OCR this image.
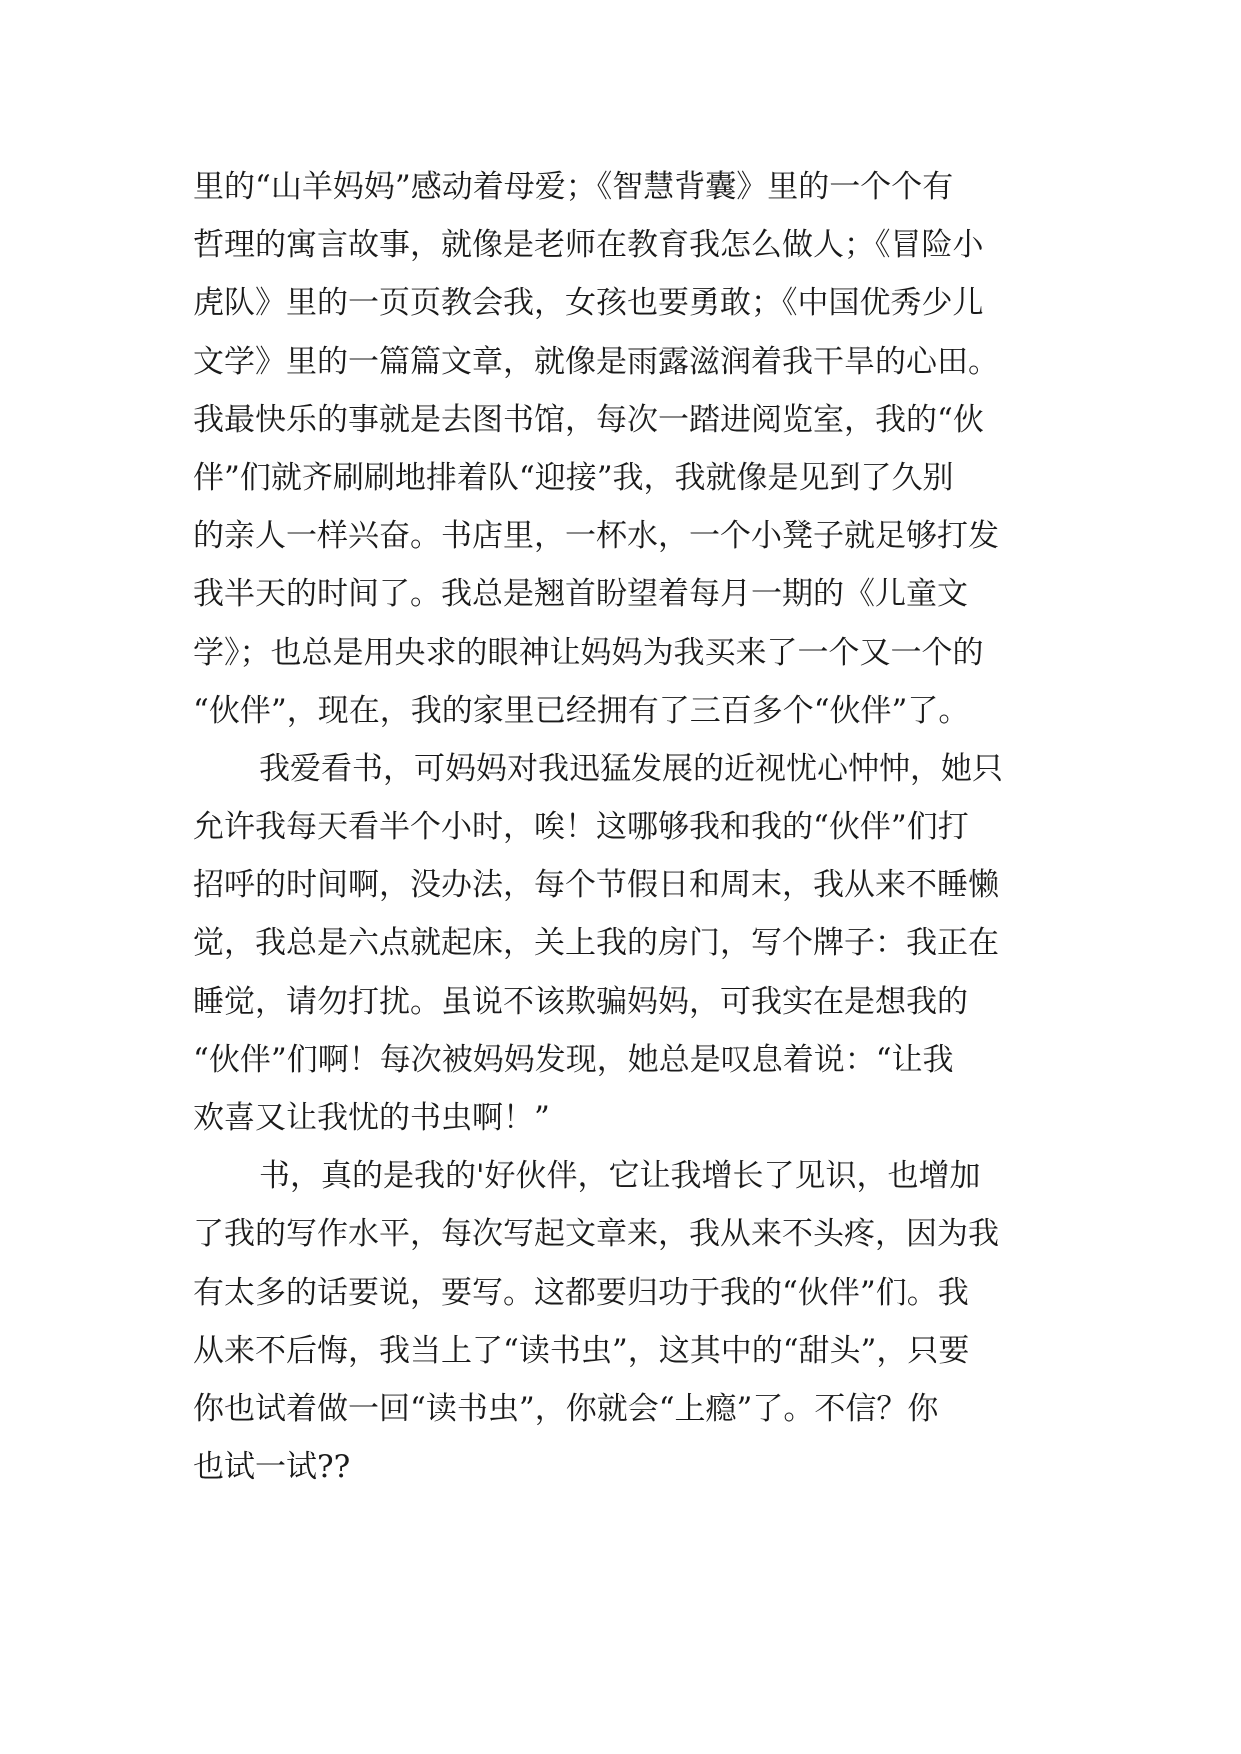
里的“山羊妈妈”感动着母爱；《智慧背囊》里的一个个有
哲理的寓言故事，就像是老师在教育我怎么做人；《冒险小
虎队》里的一页页教会我，女孩也要勇敢；《中国优秀少儿
文学》里的一篇篇文章，就像是雨露滋润着我干旱的心田。
我最快乐的事就是去图书馆，每次一踏进阅览室，我的“伙
伴”们就齐刷刷地排着队“迎接”我，我就像是见到了久别
的亲人一样兴奋。书店里，一杯水，一个小凳子就足够打发
我半天的时间了。我总是翘首盼望着每月一期的《儿童文
学》；也总是用央求的眼神让妈妈为我买来了一个又一个的
“伙伴”，现在，我的家里已经拥有了三百多个“伙伴”了。
我爱看书，可妈妈对我迅猛发展的近视忧心忡忡，她只
允许我每天看半个小时，唉！这哪够我和我的“伙伴”们打
招呼的时间啊，没办法，每个节假日和周末，我从来不睡懒
觉，我总是六点就起床，关上我的房门，写个牌子：我正在
睡觉，请勿打扰。虽说不该欺骗妈妈，可我实在是想我的
“伙伴”们啊！每次被妈妈发现，她总是叹息着说：“让我
欢喜又让我忧的书虫啊！”
书，真的是我的'好伙伴，它让我增长了见识，也增加
了我的写作水平，每次写起文章来，我从来不头疼，因为我
有太多的话要说，要写。这都要归功于我的“伙伴”们。我
从来不后悔，我当上了“读书虫”，这其中的“甜头”，只要
你也试着做一回“读书虫”，你就会“上瘾”了。不信？你
也试一试??
